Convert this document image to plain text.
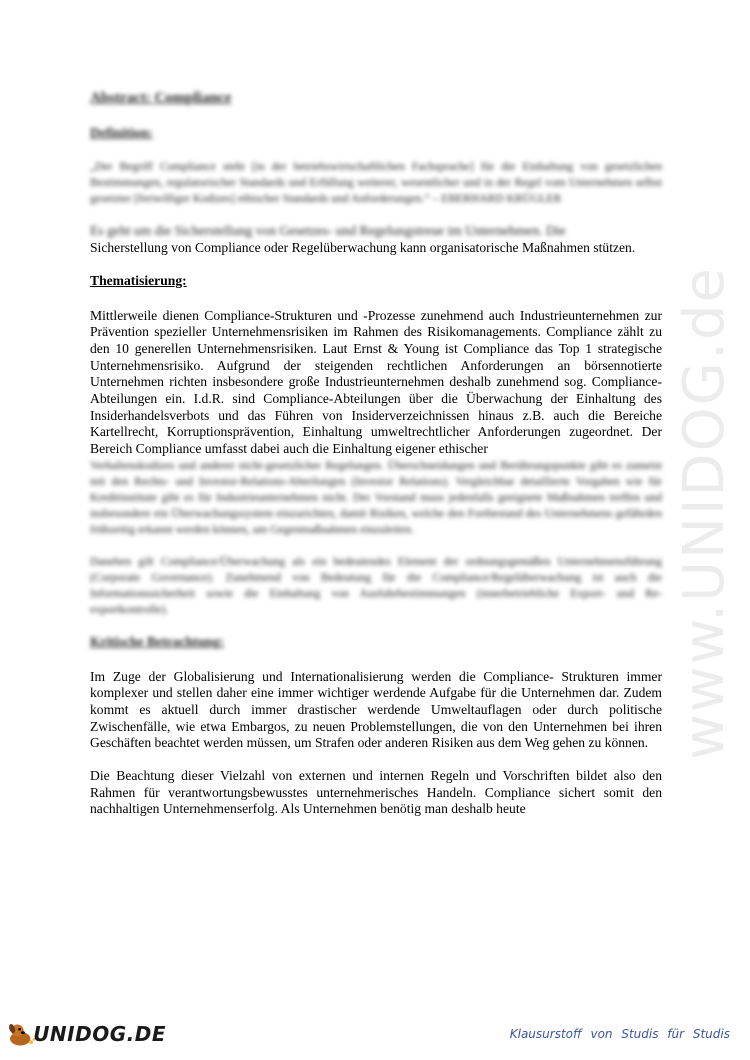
www.UNIDOG.de
Abstract: Compliance
Definition:

„Der Begriff Compliance steht [in der betriebswirtschaftlichen Fachsprache] für die Einhaltung von gesetzlichen Bestimmungen, regulatorischer Standards und Erfüllung weiterer, wesentlicher und in der Regel vom Unternehmen selbst gesetzter [freiwilliger Kodizes] ethischer Standards und Anforderungen.“ – EBERHARD KRÜGLER

Es geht um die Sicherstellung von Gesetzes- und Regelungstreue im Unternehmen. Die

Sicherstellung von Compliance oder Regelüberwachung kann organisatorische Maßnahmen stützen.

Thematisierung:

Mittlerweile dienen Compliance-Strukturen und -Prozesse zunehmend auch Industrieunternehmen zur Prävention spezieller Unternehmensrisiken im Rahmen des Risikomanagements. Compliance zählt zu den 10 generellen Unternehmensrisiken. Laut Ernst & Young ist Compliance das Top 1 strategische Unternehmensrisiko. Aufgrund der steigenden rechtlichen Anforderungen an börsennotierte Unternehmen richten insbesondere große Industrieunternehmen deshalb zunehmend sog. Compliance-Abteilungen ein. I.d.R. sind Compliance-Abteilungen über die Überwachung der Einhaltung des Insiderhandelsverbots und das Führen von Insiderverzeichnissen hinaus z.B. auch die Bereiche Kartellrecht, Korruptionsprävention, Einhaltung umweltrechtlicher Anforderungen zugeordnet. Der Bereich Compliance umfasst dabei auch die Einhaltung eigener ethischer

Verhaltenskodizes und anderer nicht-gesetzlicher Regelungen. Überschneidungen und Berührungspunkte gibt es zumeist mit den Rechts- und Investor-Relations-Abteilungen (Investor Relations). Vergleichbar detaillierte Vorgaben wie für Kreditinstitute gibt es für Industrieunternehmen nicht. Der Vorstand muss jedenfalls geeignete Maßnahmen treffen und insbesondere ein Überwachungssystem einzurichten, damit Risiken, welche den Fortbestand des Unternehmens gefährden frühzeitig erkannt werden können, um Gegenmaßnahmen einzuleiten.

Daneben gilt Compliance/Überwachung als ein bedeutendes Element der ordnungsgemäßen Unternehmensführung (Corporate Governance). Zunehmend von Bedeutung für die Compliance/Regelüberwachung ist auch die Informationssicherheit sowie die Einhaltung von Ausfuhrbestimmungen (innerbetriebliche Export- und Re-exportkontrolle).

Kritische Betrachtung:

Im Zuge der Globalisierung und Internationalisierung werden die Compliance- Strukturen immer komplexer und stellen daher eine immer wichtiger werdende Aufgabe für die Unternehmen dar. Zudem kommt es aktuell durch immer drastischer werdende Umweltauflagen oder durch politische Zwischenfälle, wie etwa Embargos, zu neuen Problemstellungen, die von den Unternehmen bei ihren Geschäften beachtet werden müssen, um Strafen oder anderen Risiken aus dem Weg gehen zu können.

Die Beachtung dieser Vielzahl von externen und internen Regeln und Vorschriften bildet also den Rahmen für verantwortungsbewusstes unternehmerisches Handeln. Compliance sichert somit den nachhaltigen Unternehmenserfolg. Als Unternehmen benötig man deshalb heute

UNIDOG.DE	Klausurstoff von Studis für Studis
